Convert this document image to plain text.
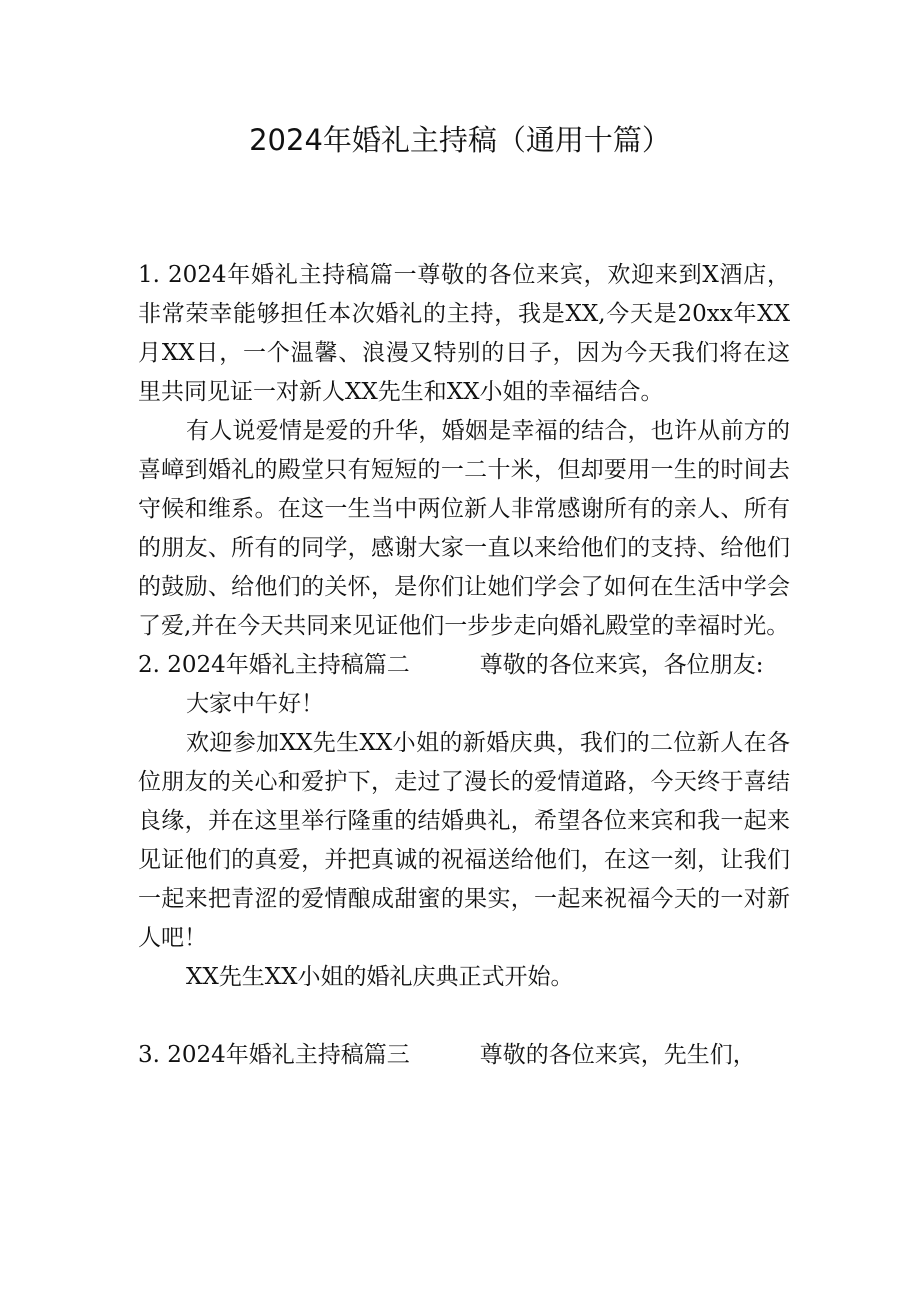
2024年婚礼主持稿（通用十篇）

1. 2024年婚礼主持稿篇一尊敬的各位来宾，欢迎来到X酒店，非常荣幸能够担任本次婚礼的主持，我是XX,今天是20xx年XX月XX日，一个温馨、浪漫又特别的日子，因为今天我们将在这里共同见证一对新人XX先生和XX小姐的幸福结合。

有人说爱情是爱的升华，婚姻是幸福的结合，也许从前方的喜嶂到婚礼的殿堂只有短短的一二十米，但却要用一生的时间去守候和维系。在这一生当中两位新人非常感谢所有的亲人、所有的朋友、所有的同学，感谢大家一直以来给他们的支持、给他们的鼓励、给他们的关怀，是你们让她们学会了如何在生活中学会了爱,并在今天共同来见证他们一步步走向婚礼殿堂的幸福时光。

2. 2024年婚礼主持稿篇二	尊敬的各位来宾，各位朋友:

大家中午好！

欢迎参加XX先生XX小姐的新婚庆典，我们的二位新人在各位朋友的关心和爱护下，走过了漫长的爱情道路，今天终于喜结良缘，并在这里举行隆重的结婚典礼，希望各位来宾和我一起来见证他们的真爱，并把真诚的祝福送给他们，在这一刻，让我们一起来把青涩的爱情酿成甜蜜的果实，一起来祝福今天的一对新人吧！

XX先生XX小姐的婚礼庆典正式开始。

3. 2024年婚礼主持稿篇三	尊敬的各位来宾，先生们，
